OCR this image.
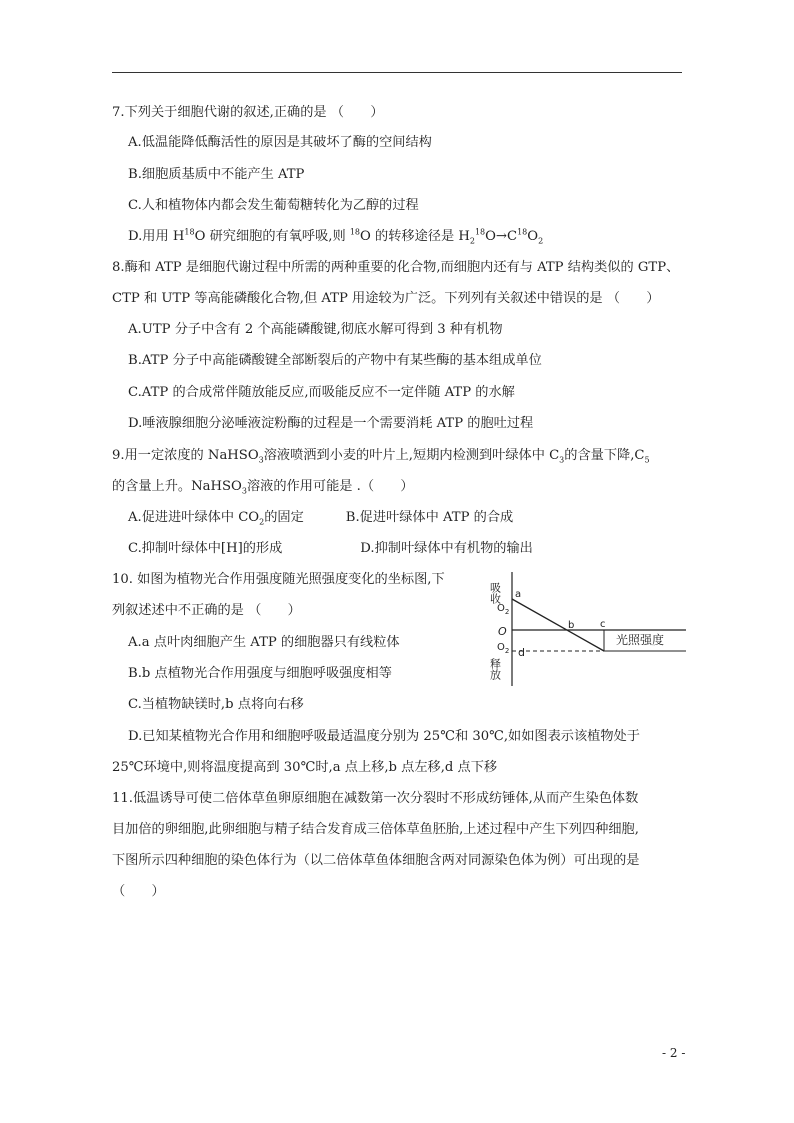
7.下列关于细胞代谢的叙述,正确的是 （　　）
A.低温能降低酶活性的原因是其破坏了酶的空间结构
B.细胞质基质中不能产生 ATP
C.人和植物体内都会发生葡萄糖转化为乙醇的过程
D.用用 $H^{18}O$ 研究细胞的有氧呼吸,则 $^{18}$O 的转移途径是 $H_2^{18}O\to C^{18}O_2$
8.酶和 ATP 是细胞代谢过程中所需的两种重要的化合物,而细胞内还有与 ATP 结构类似的 GTP、
CTP 和 UTP 等高能磷酸化合物,但 ATP 用途较为广泛。下列列有关叙述中错误的是 （　　）
A.UTP 分子中含有 2 个高能磷酸键,彻底水解可得到 3 种有机物
B.ATP 分子中高能磷酸键全部断裂后的产物中有某些酶的基本组成单位
C.ATP 的合成常伴随放能反应,而吸能反应不一定伴随 ATP 的水解
D.唾液腺细胞分泌唾液淀粉酶的过程是一个需要消耗 ATP 的胞吐过程
9.用一定浓度的 NaHSO$_3$溶液喷洒到小麦的叶片上,短期内检测到叶绿体中 $C_3$的含量下降$,C_5$
的含量上升。NaHSO$_3$溶液的作用可能是 .（　　）
A.促进进叶绿体中 $CO_2$的固定	B.促进叶绿体中 ATP 的合成
C.抑制叶绿体中[H]的形成	D.抑制叶绿体中有机物的输出
10. 如图为植物光合作用强度随光照强度变化的坐标图,下
列叙述述中不正确的是 （　　）
A.a 点叶肉细胞产生 ATP 的细胞器只有线粒体
B.b 点植物光合作用强度与细胞呼吸强度相等
C.当植物缺镁时,b 点将向右移
D.已知某植物光合作用和细胞呼吸最适温度分别为 25℃和 30℃,如如图表示该植物处于
25℃环境中,则将温度提高到 30℃时,a 点上移,b 点左移,d 点下移
吸收
$O_2$
O
$O_2$
释放
光照强度
a
b	c
d
11.低温诱导可使二倍体草鱼卵原细胞在减数第一次分裂时不形成纺锤体,从而产生染色体数
目加倍的卵细胞,此卵细胞与精子结合发育成三倍体草鱼胚胎,上述过程中产生下列四种细胞,
下图所示四种细胞的染色体行为（以二倍体草鱼体细胞含两对同源染色体为例）可出现的是
（　　）
- 2 -
